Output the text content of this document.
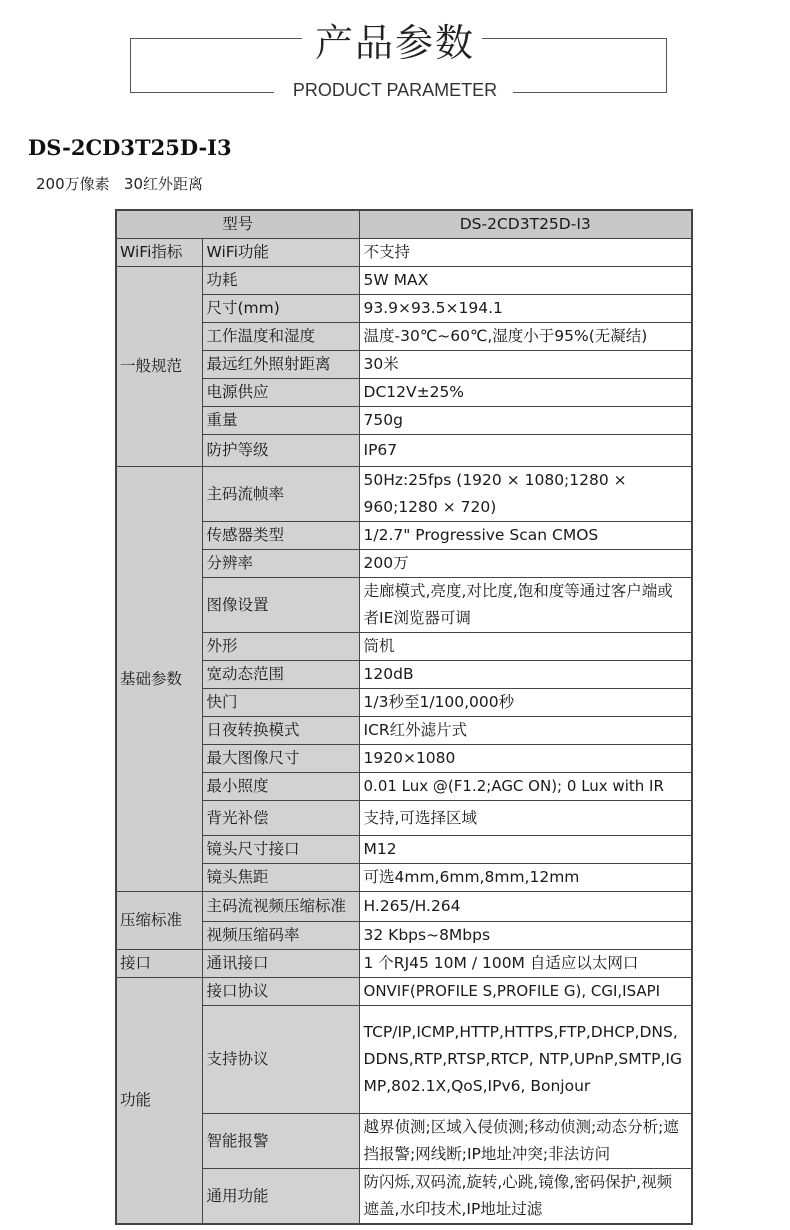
产品参数
PRODUCT PARAMETER
DS-2CD3T25D-I3
200万像素   30红外距离
型号		DS-2CD3T25D-I3
WiFi指标	WiFi功能	不支持
一般规范	功耗	5W MAX
	尺寸(mm)	93.9×93.5×194.1
	工作温度和湿度	温度-30℃~60℃,湿度小于95%(无凝结)
	最远红外照射距离	30米
	电源供应	DC12V±25%
	重量	750g
	防护等级	IP67
基础参数	主码流帧率	50Hz:25fps (1920 × 1080;1280 × 960;1280 × 720)
	传感器类型	1/2.7" Progressive Scan CMOS
	分辨率	200万
	图像设置	走廊模式,亮度,对比度,饱和度等通过客户端或者IE浏览器可调
	外形	筒机
	宽动态范围	120dB
	快门	1/3秒至1/100,000秒
	日夜转换模式	ICR红外滤片式
	最大图像尺寸	1920×1080
	最小照度	0.01 Lux @(F1.2;AGC ON); 0 Lux with IR
	背光补偿	支持,可选择区域
	镜头尺寸接口	M12
	镜头焦距	可选4mm,6mm,8mm,12mm
压缩标准	主码流视频压缩标准	H.265/H.264
	视频压缩码率	32 Kbps~8Mbps
接口	通讯接口	1 个RJ45 10M / 100M 自适应以太网口
功能	接口协议	ONVIF(PROFILE S,PROFILE G), CGI,ISAPI
	支持协议	TCP/IP,ICMP,HTTP,HTTPS,FTP,DHCP,DNS,DDNS,RTP,RTSP,RTCP, NTP,UPnP,SMTP,IGMP,802.1X,QoS,IPv6, Bonjour
	智能报警	越界侦测;区域入侵侦测;移动侦测;动态分析;遮挡报警;网线断;IP地址冲突;非法访问
	通用功能	防闪烁,双码流,旋转,心跳,镜像,密码保护,视频遮盖,水印技术,IP地址过滤
